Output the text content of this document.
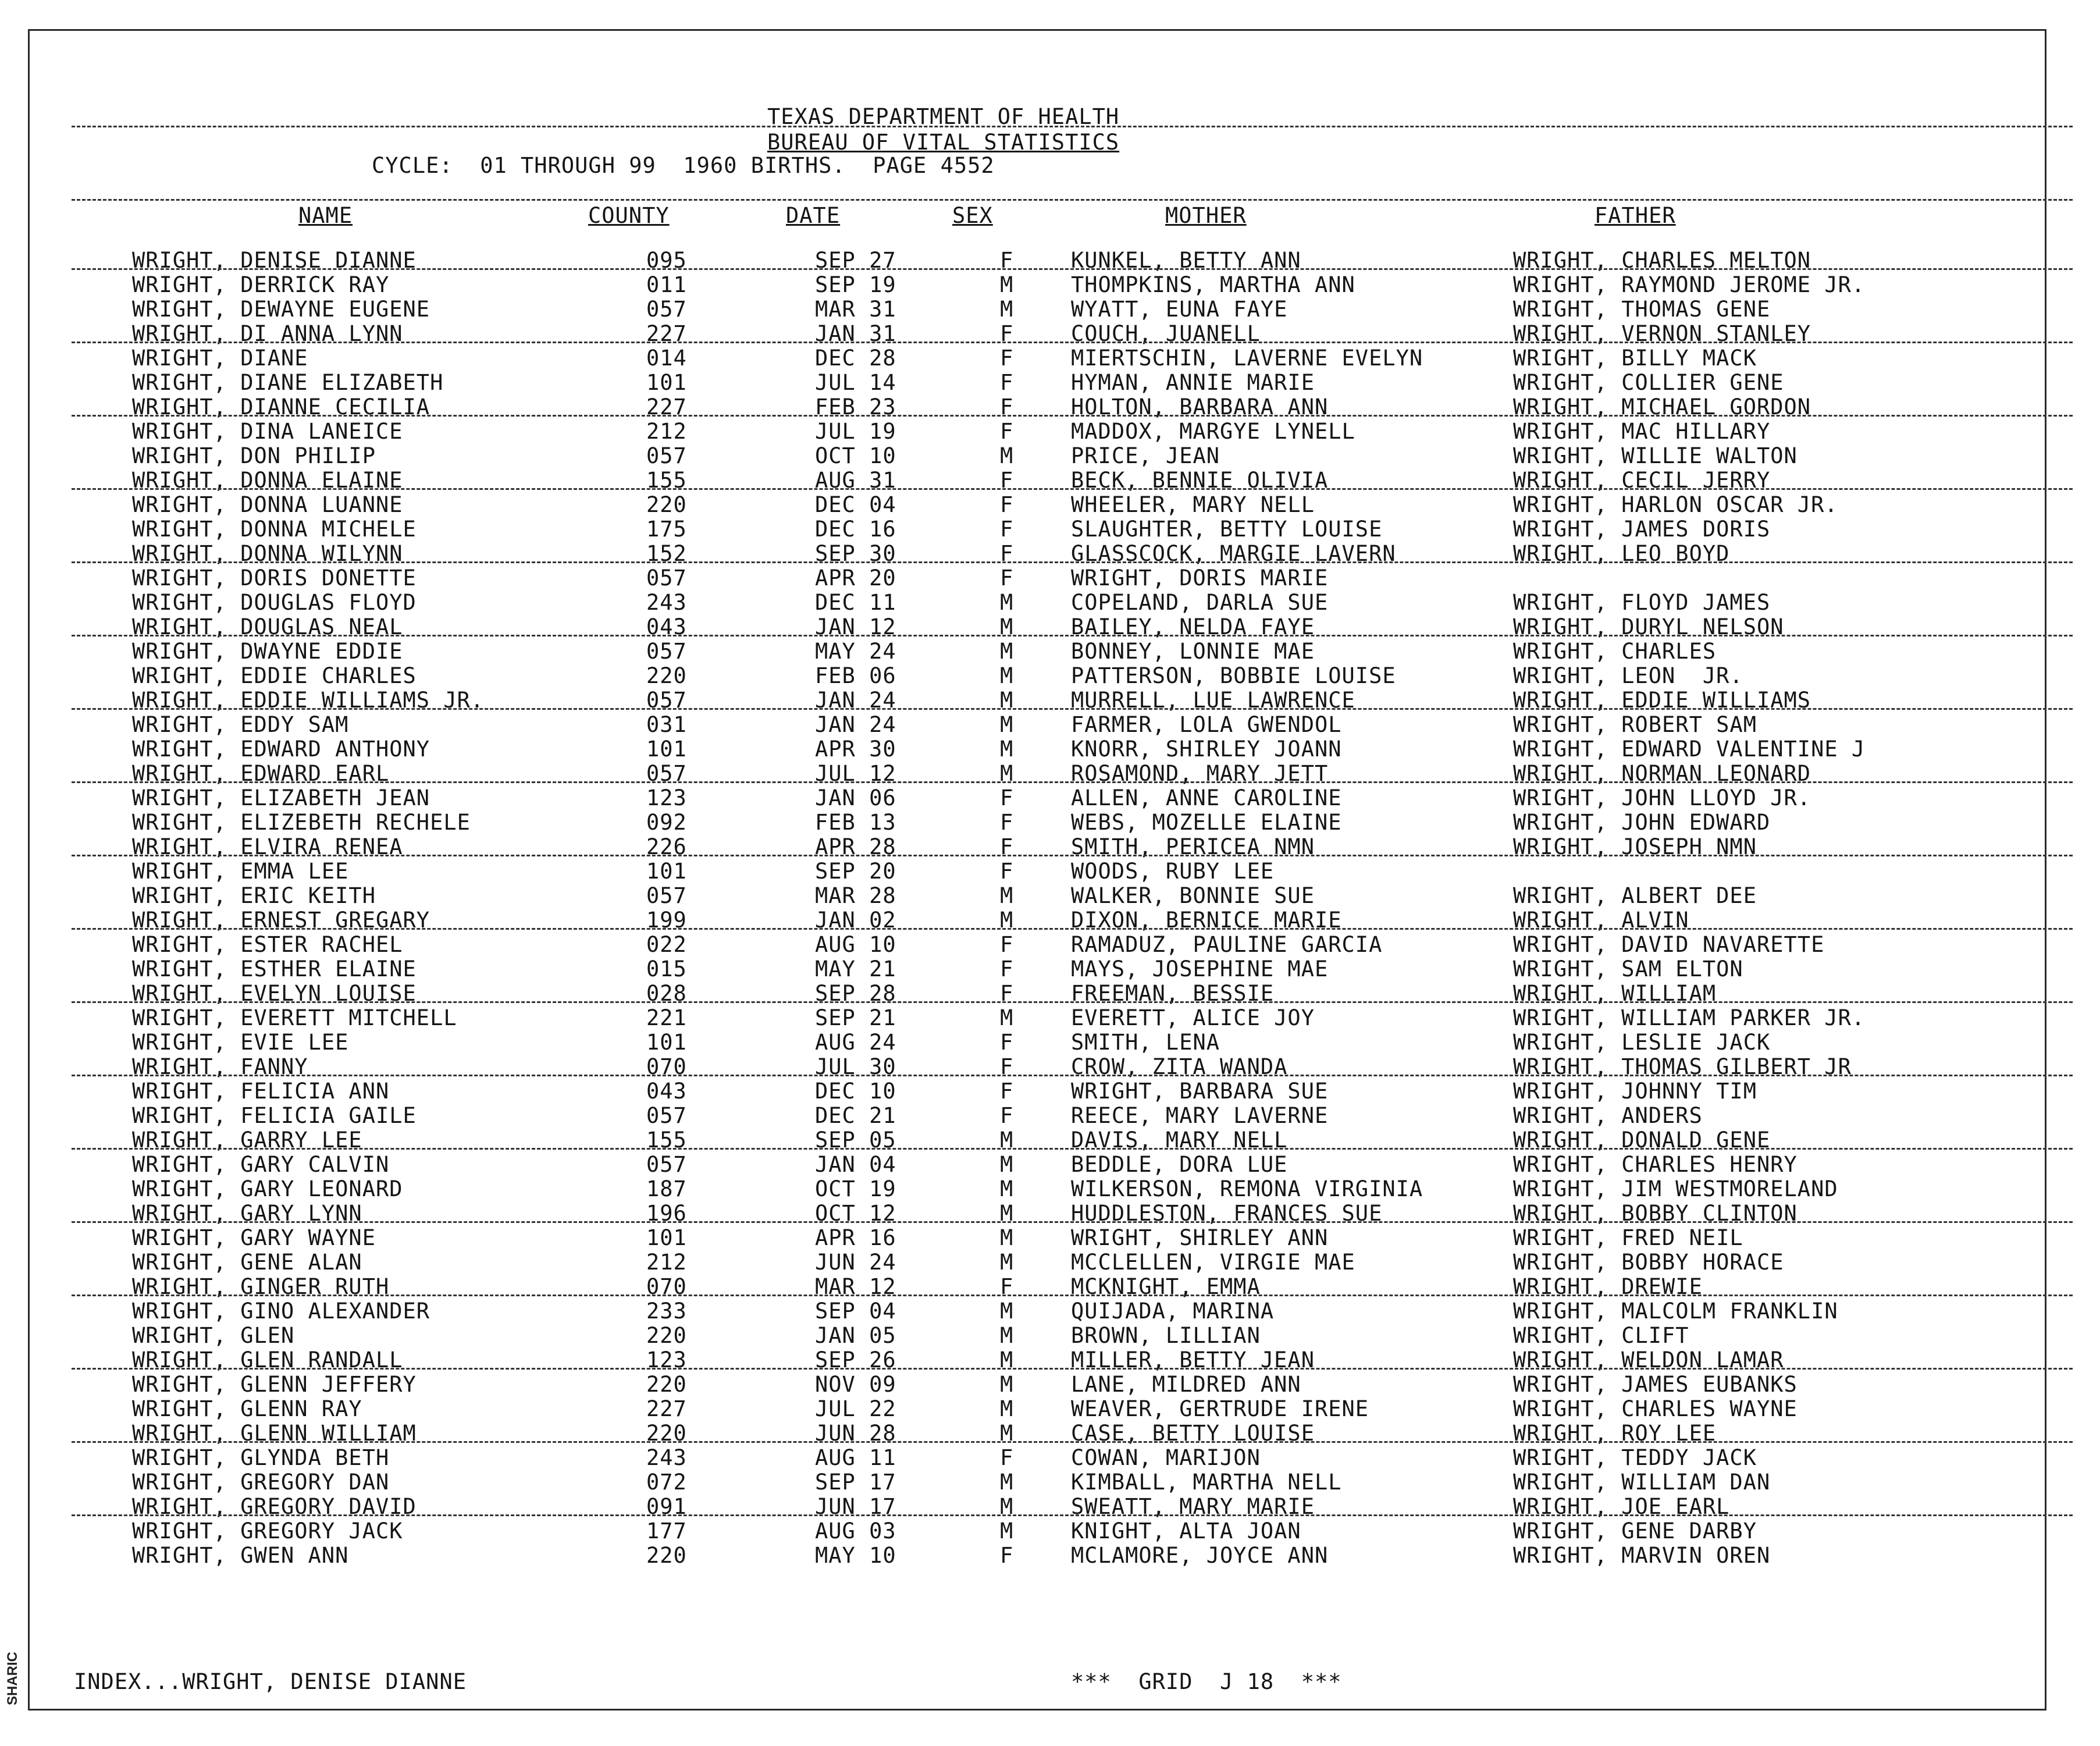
SHARIC
TEXAS DEPARTMENT OF HEALTH
BUREAU OF VITAL STATISTICS
CYCLE:  01 THROUGH 99  1960 BIRTHS.  PAGE 4552
NAME	COUNTY	DATE	SEX	MOTHER	FATHER
WRIGHT, DENISE DIANNE	095	SEP 27	F	KUNKEL, BETTY ANN	WRIGHT, CHARLES MELTON
WRIGHT, DERRICK RAY	011	SEP 19	M	THOMPKINS, MARTHA ANN	WRIGHT, RAYMOND JEROME JR.
WRIGHT, DEWAYNE EUGENE	057	MAR 31	M	WYATT, EUNA FAYE	WRIGHT, THOMAS GENE
WRIGHT, DI ANNA LYNN	227	JAN 31	F	COUCH, JUANELL	WRIGHT, VERNON STANLEY
WRIGHT, DIANE	014	DEC 28	F	MIERTSCHIN, LAVERNE EVELYN	WRIGHT, BILLY MACK
WRIGHT, DIANE ELIZABETH	101	JUL 14	F	HYMAN, ANNIE MARIE	WRIGHT, COLLIER GENE
WRIGHT, DIANNE CECILIA	227	FEB 23	F	HOLTON, BARBARA ANN	WRIGHT, MICHAEL GORDON
WRIGHT, DINA LANEICE	212	JUL 19	F	MADDOX, MARGYE LYNELL	WRIGHT, MAC HILLARY
WRIGHT, DON PHILIP	057	OCT 10	M	PRICE, JEAN	WRIGHT, WILLIE WALTON
WRIGHT, DONNA ELAINE	155	AUG 31	F	BECK, BENNIE OLIVIA	WRIGHT, CECIL JERRY
WRIGHT, DONNA LUANNE	220	DEC 04	F	WHEELER, MARY NELL	WRIGHT, HARLON OSCAR JR.
WRIGHT, DONNA MICHELE	175	DEC 16	F	SLAUGHTER, BETTY LOUISE	WRIGHT, JAMES DORIS
WRIGHT, DONNA WILYNN	152	SEP 30	F	GLASSCOCK, MARGIE LAVERN	WRIGHT, LEO BOYD
WRIGHT, DORIS DONETTE	057	APR 20	F	WRIGHT, DORIS MARIE
WRIGHT, DOUGLAS FLOYD	243	DEC 11	M	COPELAND, DARLA SUE	WRIGHT, FLOYD JAMES
WRIGHT, DOUGLAS NEAL	043	JAN 12	M	BAILEY, NELDA FAYE	WRIGHT, DURYL NELSON
WRIGHT, DWAYNE EDDIE	057	MAY 24	M	BONNEY, LONNIE MAE	WRIGHT, CHARLES
WRIGHT, EDDIE CHARLES	220	FEB 06	M	PATTERSON, BOBBIE LOUISE	WRIGHT, LEON  JR.
WRIGHT, EDDIE WILLIAMS JR.	057	JAN 24	M	MURRELL, LUE LAWRENCE	WRIGHT, EDDIE WILLIAMS
WRIGHT, EDDY SAM	031	JAN 24	M	FARMER, LOLA GWENDOL	WRIGHT, ROBERT SAM
WRIGHT, EDWARD ANTHONY	101	APR 30	M	KNORR, SHIRLEY JOANN	WRIGHT, EDWARD VALENTINE J
WRIGHT, EDWARD EARL	057	JUL 12	M	ROSAMOND, MARY JETT	WRIGHT, NORMAN LEONARD
WRIGHT, ELIZABETH JEAN	123	JAN 06	F	ALLEN, ANNE CAROLINE	WRIGHT, JOHN LLOYD JR.
WRIGHT, ELIZEBETH RECHELE	092	FEB 13	F	WEBS, MOZELLE ELAINE	WRIGHT, JOHN EDWARD
WRIGHT, ELVIRA RENEA	226	APR 28	F	SMITH, PERICEA NMN	WRIGHT, JOSEPH NMN
WRIGHT, EMMA LEE	101	SEP 20	F	WOODS, RUBY LEE
WRIGHT, ERIC KEITH	057	MAR 28	M	WALKER, BONNIE SUE	WRIGHT, ALBERT DEE
WRIGHT, ERNEST GREGARY	199	JAN 02	M	DIXON, BERNICE MARIE	WRIGHT, ALVIN
WRIGHT, ESTER RACHEL	022	AUG 10	F	RAMADUZ, PAULINE GARCIA	WRIGHT, DAVID NAVARETTE
WRIGHT, ESTHER ELAINE	015	MAY 21	F	MAYS, JOSEPHINE MAE	WRIGHT, SAM ELTON
WRIGHT, EVELYN LOUISE	028	SEP 28	F	FREEMAN, BESSIE	WRIGHT, WILLIAM
WRIGHT, EVERETT MITCHELL	221	SEP 21	M	EVERETT, ALICE JOY	WRIGHT, WILLIAM PARKER JR.
WRIGHT, EVIE LEE	101	AUG 24	F	SMITH, LENA	WRIGHT, LESLIE JACK
WRIGHT, FANNY	070	JUL 30	F	CROW, ZITA WANDA	WRIGHT, THOMAS GILBERT JR
WRIGHT, FELICIA ANN	043	DEC 10	F	WRIGHT, BARBARA SUE	WRIGHT, JOHNNY TIM
WRIGHT, FELICIA GAILE	057	DEC 21	F	REECE, MARY LAVERNE	WRIGHT, ANDERS
WRIGHT, GARRY LEE	155	SEP 05	M	DAVIS, MARY NELL	WRIGHT, DONALD GENE
WRIGHT, GARY CALVIN	057	JAN 04	M	BEDDLE, DORA LUE	WRIGHT, CHARLES HENRY
WRIGHT, GARY LEONARD	187	OCT 19	M	WILKERSON, REMONA VIRGINIA	WRIGHT, JIM WESTMORELAND
WRIGHT, GARY LYNN	196	OCT 12	M	HUDDLESTON, FRANCES SUE	WRIGHT, BOBBY CLINTON
WRIGHT, GARY WAYNE	101	APR 16	M	WRIGHT, SHIRLEY ANN	WRIGHT, FRED NEIL
WRIGHT, GENE ALAN	212	JUN 24	M	MCCLELLEN, VIRGIE MAE	WRIGHT, BOBBY HORACE
WRIGHT, GINGER RUTH	070	MAR 12	F	MCKNIGHT, EMMA	WRIGHT, DREWIE
WRIGHT, GINO ALEXANDER	233	SEP 04	M	QUIJADA, MARINA	WRIGHT, MALCOLM FRANKLIN
WRIGHT, GLEN	220	JAN 05	M	BROWN, LILLIAN	WRIGHT, CLIFT
WRIGHT, GLEN RANDALL	123	SEP 26	M	MILLER, BETTY JEAN	WRIGHT, WELDON LAMAR
WRIGHT, GLENN JEFFERY	220	NOV 09	M	LANE, MILDRED ANN	WRIGHT, JAMES EUBANKS
WRIGHT, GLENN RAY	227	JUL 22	M	WEAVER, GERTRUDE IRENE	WRIGHT, CHARLES WAYNE
WRIGHT, GLENN WILLIAM	220	JUN 28	M	CASE, BETTY LOUISE	WRIGHT, ROY LEE
WRIGHT, GLYNDA BETH	243	AUG 11	F	COWAN, MARIJON	WRIGHT, TEDDY JACK
WRIGHT, GREGORY DAN	072	SEP 17	M	KIMBALL, MARTHA NELL	WRIGHT, WILLIAM DAN
WRIGHT, GREGORY DAVID	091	JUN 17	M	SWEATT, MARY MARIE	WRIGHT, JOE EARL
WRIGHT, GREGORY JACK	177	AUG 03	M	KNIGHT, ALTA JOAN	WRIGHT, GENE DARBY
WRIGHT, GWEN ANN	220	MAY 10	F	MCLAMORE, JOYCE ANN	WRIGHT, MARVIN OREN
INDEX...WRIGHT, DENISE DIANNE	***  GRID  J 18  ***
